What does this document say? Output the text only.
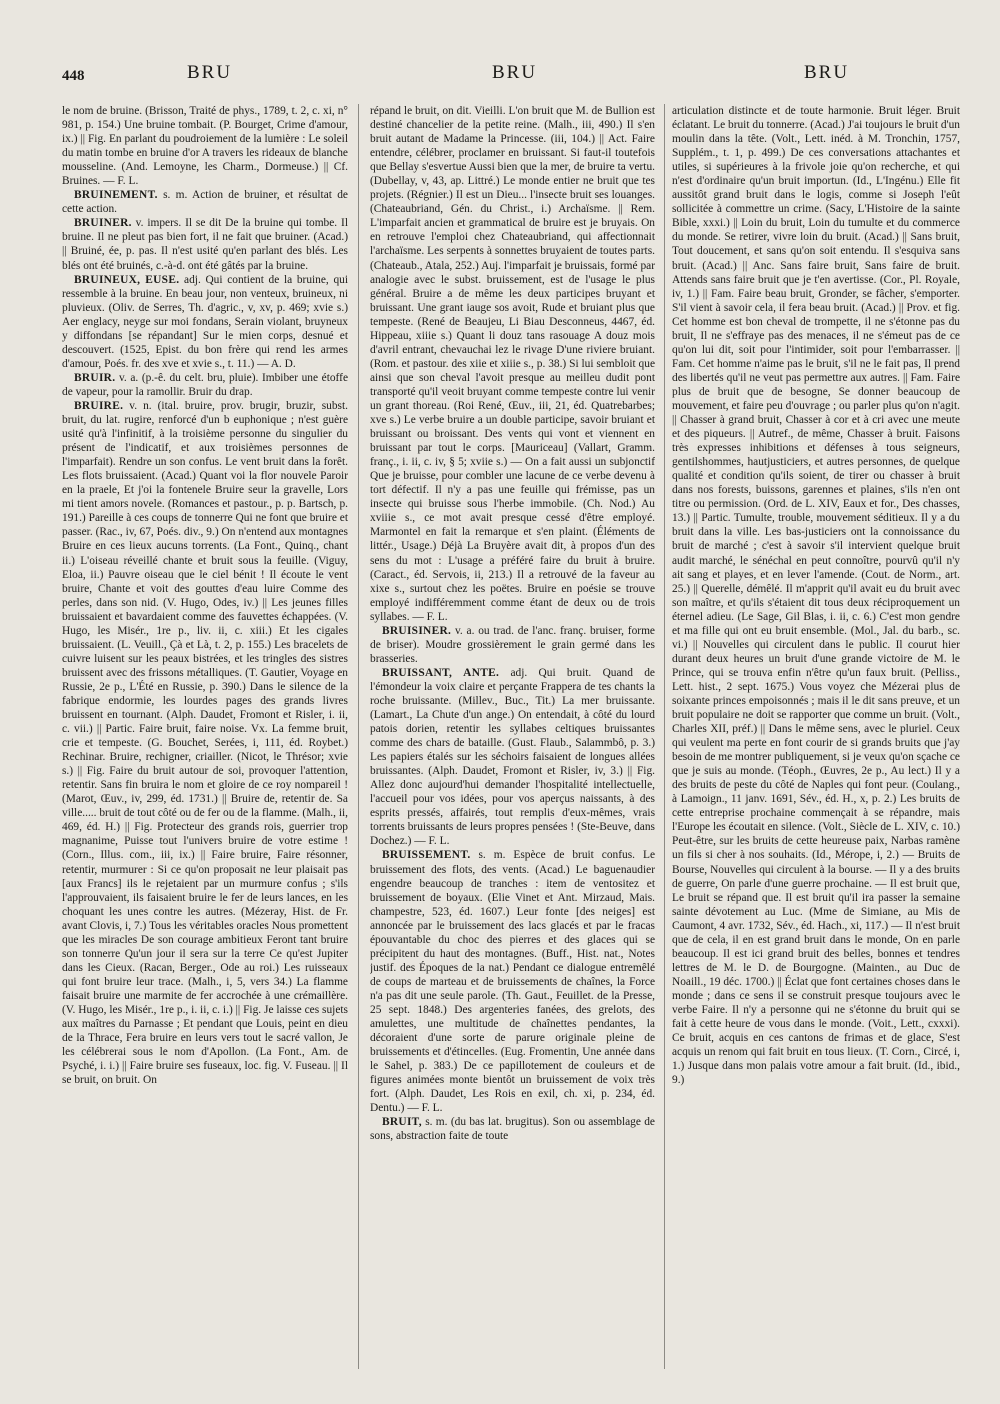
448	BRU	BRU	BRU

le nom de bruine. (Brisson, Traité de phys., 1789, t. 2, c. xi, n° 981, p. 154.) Une bruine tombait. (P. Bourget, Crime d'amour, ix.) || Fig. En parlant du poudroiement de la lumière : Le soleil du matin tombe en bruine d'or A travers les rideaux de blanche mousseline. (And. Lemoyne, les Charm., Dormeuse.) || Cf. Bruines. — F. L.

BRUINEMENT. s. m. Action de bruiner, et résultat de cette action.

BRUINER. v. impers. Il se dit De la bruine qui tombe. Il bruine. Il ne pleut pas bien fort, il ne fait que bruiner. (Acad.) || Bruiné, ée, p. pas. Il n'est usité qu'en parlant des blés. Les blés ont été bruinés, c.-à-d. ont été gâtés par la bruine.

BRUINEUX, EUSE. adj. Qui contient de la bruine, qui ressemble à la bruine. En beau jour, non venteux, bruineux, ni pluvieux. (Oliv. de Serres, Th. d'agric., v, xv, p. 469; xvie s.) Aer englacy, neyge sur moi fondans, Serain violant, bruyneux y diffondans [se répandant] Sur le mien corps, desnué et descouvert. (1525, Epist. du bon frère qui rend les armes d'amour, Poés. fr. des xve et xvie s., t. 11.) — A. D.

BRUIR. v. a. (p.-ê. du celt. bru, pluie). Imbiber une étoffe de vapeur, pour la ramollir. Bruir du drap.

BRUIRE. v. n. (ital. bruire, prov. brugir, bruzir, subst. bruit, du lat. rugire, renforcé d'un b euphonique ; n'est guère usité qu'à l'infinitif, à la troisième personne du singulier du présent de l'indicatif, et aux troisièmes personnes de l'imparfait). Rendre un son confus. Le vent bruit dans la forêt. Les flots bruissaient. (Acad.) Quant voi la flor nouvele Paroir en la praele, Et j'oi la fontenele Bruire seur la gravelle, Lors mi tient amors novele. (Romances et pastour., p. p. Bartsch, p. 191.) Pareille à ces coups de tonnerre Qui ne font que bruire et passer. (Rac., iv, 67, Poés. div., 9.) On n'entend aux montagnes Bruire en ces lieux aucuns torrents. (La Font., Quinq., chant ii.) L'oiseau réveillé chante et bruit sous la feuille. (Viguy, Eloa, ii.) Pauvre oiseau que le ciel bénit ! Il écoute le vent bruire, Chante et voit des gouttes d'eau luire Comme des perles, dans son nid. (V. Hugo, Odes, iv.) || Les jeunes filles bruissaient et bavardaient comme des fauvettes échappées. (V. Hugo, les Misér., 1re p., liv. ii, c. xiii.) Et les cigales bruissaient. (L. Veuill., Çà et Là, t. 2, p. 155.) Les bracelets de cuivre luisent sur les peaux bistrées, et les tringles des sistres bruissent avec des frissons métalliques. (T. Gautier, Voyage en Russie, 2e p., L'Été en Russie, p. 390.) Dans le silence de la fabrique endormie, les lourdes pages des grands livres bruissent en tournant. (Alph. Daudet, Fromont et Risler, i. ii, c. vii.) || Partic. Faire bruit, faire noise. Vx. La femme bruit, crie et tempeste. (G. Bouchet, Serées, i, 111, éd. Roybet.) Rechinar. Bruire, rechigner, criailler. (Nicot, le Thrésor; xvie s.) || Fig. Faire du bruit autour de soi, provoquer l'attention, retentir. Sans fin bruira le nom et gloire de ce roy nompareil ! (Marot, Œuv., iv, 299, éd. 1731.) || Bruire de, retentir de. Sa ville..... bruit de tout côté ou de fer ou de la flamme. (Malh., ii, 469, éd. H.) || Fig. Protecteur des grands rois, guerrier trop magnanime, Puisse tout l'univers bruire de votre estime ! (Corn., Illus. com., iii, ix.) || Faire bruire, Faire résonner, retentir, murmurer : Si ce qu'on proposait ne leur plaisait pas [aux Francs] ils le rejetaient par un murmure confus ; s'ils l'approuvaient, ils faisaient bruire le fer de leurs lances, en les choquant les unes contre les autres. (Mézeray, Hist. de Fr. avant Clovis, i, 7.) Tous les véritables oracles Nous promettent que les miracles De son courage ambitieux Feront tant bruire son tonnerre Qu'un jour il sera sur la terre Ce qu'est Jupiter dans les Cieux. (Racan, Berger., Ode au roi.) Les ruisseaux qui font bruire leur trace. (Malh., i, 5, vers 34.) La flamme faisait bruire une marmite de fer accrochée à une crémaillère. (V. Hugo, les Misér., 1re p., i. ii, c. i.) || Fig. Je laisse ces sujets aux maîtres du Parnasse ; Et pendant que Louis, peint en dieu de la Thrace, Fera bruire en leurs vers tout le sacré vallon, Je les célébrerai sous le nom d'Apollon. (La Font., Am. de Psyché, i. i.) || Faire bruire ses fuseaux, loc. fig. V. Fuseau. || Il se bruit, on bruit. On

répand le bruit, on dit. Vieilli. L'on bruit que M. de Bullion est destiné chancelier de la petite reine. (Malh., iii, 490.) Il s'en bruit autant de Madame la Princesse. (iii, 104.) || Act. Faire entendre, célébrer, proclamer en bruissant. Si faut-il toutefois que Bellay s'esvertue Aussi bien que la mer, de bruire ta vertu. (Dubellay, v, 43, ap. Littré.) Le monde entier ne bruit que tes projets. (Régnier.) Il est un Dieu... l'insecte bruit ses louanges. (Chateaubriand, Gén. du Christ., i.) Archaïsme. || Rem. L'imparfait ancien et grammatical de bruire est je bruyais. On en retrouve l'emploi chez Chateaubriand, qui affectionnait l'archaïsme. Les serpents à sonnettes bruyaient de toutes parts. (Chateaub., Atala, 252.) Auj. l'imparfait je bruissais, formé par analogie avec le subst. bruissement, est de l'usage le plus général. Bruire a de même les deux participes bruyant et bruissant. Une grant iauge sos avoit, Rude et bruiant plus que tempeste. (René de Beaujeu, Li Biau Desconneus, 4467, éd. Hippeau, xiiie s.) Quant li douz tans rasouage A douz mois d'avril entrant, chevauchai lez le rivage D'une riviere bruiant. (Rom. et pastour. des xiie et xiiie s., p. 38.) Si lui sembloit que ainsi que son cheval l'avoit presque au meilleu dudit pont transporté qu'il veoit bruyant comme tempeste contre lui venir un grant thoreau. (Roi René, Œuv., iii, 21, éd. Quatrebarbes; xve s.) Le verbe bruire a un double participe, savoir bruiant et bruissant ou broissant. Des vents qui vont et viennent en bruissant par tout le corps. [Mauriceau] (Vallart, Gramm. franç., i. ii, c. iv, § 5; xviie s.) — On a fait aussi un subjonctif Que je bruisse, pour combler une lacune de ce verbe devenu à tort défectif. Il n'y a pas une feuille qui frémisse, pas un insecte qui bruisse sous l'herbe immobile. (Ch. Nod.) Au xviiie s., ce mot avait presque cessé d'être employé. Marmontel en fait la remarque et s'en plaint. (Éléments de littér., Usage.) Déjà La Bruyère avait dit, à propos d'un des sens du mot : L'usage a préféré faire du bruit à bruire. (Caract., éd. Servois, ii, 213.) Il a retrouvé de la faveur au xixe s., surtout chez les poëtes. Bruire en poésie se trouve employé indifféremment comme étant de deux ou de trois syllabes. — F. L.

BRUISINER. v. a. ou trad. de l'anc. franç. bruiser, forme de briser). Moudre grossièrement le grain germé dans les brasseries.

BRUISSANT, ANTE. adj. Qui bruit. Quand de l'émondeur la voix claire et perçante Frappera de tes chants la roche bruissante. (Millev., Buc., Tit.) La mer bruissante. (Lamart., La Chute d'un ange.) On entendait, à côté du lourd patois dorien, retentir les syllabes celtiques bruissantes comme des chars de bataille. (Gust. Flaub., Salammbô, p. 3.) Les papiers étalés sur les séchoirs faisaient de longues allées bruissantes. (Alph. Daudet, Fromont et Risler, iv, 3.) || Fig. Allez donc aujourd'hui demander l'hospitalité intellectuelle, l'accueil pour vos idées, pour vos aperçus naissants, à des esprits pressés, affairés, tout remplis d'eux-mêmes, vrais torrents bruissants de leurs propres pensées ! (Ste-Beuve, dans Dochez.) — F. L.

BRUISSEMENT. s. m. Espèce de bruit confus. Le bruissement des flots, des vents. (Acad.) Le baguenaudier engendre beaucoup de tranches : item de ventositez et bruissement de boyaux. (Elie Vinet et Ant. Mirzaud, Mais. champestre, 523, éd. 1607.) Leur fonte [des neiges] est annoncée par le bruissement des lacs glacés et par le fracas épouvantable du choc des pierres et des glaces qui se précipitent du haut des montagnes. (Buff., Hist. nat., Notes justif. des Époques de la nat.) Pendant ce dialogue entremêlé de coups de marteau et de bruissements de chaînes, la Force n'a pas dit une seule parole. (Th. Gaut., Feuillet. de la Presse, 25 sept. 1848.) Des argenteries fanées, des grelots, des amulettes, une multitude de chaînettes pendantes, la décoraient d'une sorte de parure originale pleine de bruissements et d'étincelles. (Eug. Fromentin, Une année dans le Sahel, p. 383.) De ce papillotement de couleurs et de figures animées monte bientôt un bruissement de voix très fort. (Alph. Daudet, Les Rois en exil, ch. xi, p. 234, éd. Dentu.) — F. L.

BRUIT, s. m. (du bas lat. brugitus). Son ou assemblage de sons, abstraction faite de toute

articulation distincte et de toute harmonie. Bruit léger. Bruit éclatant. Le bruit du tonnerre. (Acad.) J'ai toujours le bruit d'un moulin dans la tête. (Volt., Lett. inéd. à M. Tronchin, 1757, Supplém., t. 1, p. 499.) De ces conversations attachantes et utiles, si supérieures à la frivole joie qu'on recherche, et qui n'est d'ordinaire qu'un bruit importun. (Id., L'Ingénu.) Elle fit aussitôt grand bruit dans le logis, comme si Joseph l'eût sollicitée à commettre un crime. (Sacy, L'Histoire de la sainte Bible, xxxi.) || Loin du bruit, Loin du tumulte et du commerce du monde. Se retirer, vivre loin du bruit. (Acad.) || Sans bruit, Tout doucement, et sans qu'on soit entendu. Il s'esquiva sans bruit. (Acad.) || Anc. Sans faire bruit, Sans faire de bruit. Attends sans faire bruit que je t'en avertisse. (Cor., Pl. Royale, iv, 1.) || Fam. Faire beau bruit, Gronder, se fâcher, s'emporter. S'il vient à savoir cela, il fera beau bruit. (Acad.) || Prov. et fig. Cet homme est bon cheval de trompette, il ne s'étonne pas du bruit, Il ne s'effraye pas des menaces, il ne s'émeut pas de ce qu'on lui dit, soit pour l'intimider, soit pour l'embarrasser. || Fam. Cet homme n'aime pas le bruit, s'il ne le fait pas, Il prend des libertés qu'il ne veut pas permettre aux autres. || Fam. Faire plus de bruit que de besogne, Se donner beaucoup de mouvement, et faire peu d'ouvrage ; ou parler plus qu'on n'agit. || Chasser à grand bruit, Chasser à cor et à cri avec une meute et des piqueurs. || Autref., de même, Chasser à bruit. Faisons très expresses inhibitions et défenses à tous seigneurs, gentilshommes, hautjusticiers, et autres personnes, de quelque qualité et condition qu'ils soient, de tirer ou chasser à bruit dans nos forests, buissons, garennes et plaines, s'ils n'en ont titre ou permission. (Ord. de L. XIV, Eaux et for., Des chasses, 13.) || Partic. Tumulte, trouble, mouvement séditieux. Il y a du bruit dans la ville. Les bas-justiciers ont la connoissance du bruit de marché ; c'est à savoir s'il intervient quelque bruit audit marché, le sénéchal en peut connoître, pourvû qu'il n'y ait sang et playes, et en lever l'amende. (Cout. de Norm., art. 25.) || Querelle, démêlé. Il m'apprit qu'il avait eu du bruit avec son maître, et qu'ils s'étaient dit tous deux réciproquement un éternel adieu. (Le Sage, Gil Blas, i. ii, c. 6.) C'est mon gendre et ma fille qui ont eu bruit ensemble. (Mol., Jal. du barb., sc. vi.) || Nouvelles qui circulent dans le public. Il courut hier durant deux heures un bruit d'une grande victoire de M. le Prince, qui se trouva enfin n'être qu'un faux bruit. (Pelliss., Lett. hist., 2 sept. 1675.) Vous voyez che Mézerai plus de soixante princes empoisonnés ; mais il le dit sans preuve, et un bruit populaire ne doit se rapporter que comme un bruit. (Volt., Charles XII, préf.) || Dans le même sens, avec le pluriel. Ceux qui veulent ma perte en font courir de si grands bruits que j'ay besoin de me montrer publiquement, si je veux qu'on sçache ce que je suis au monde. (Téoph., Œuvres, 2e p., Au lect.) Il y a des bruits de peste du côté de Naples qui font peur. (Coulang., à Lamoign., 11 janv. 1691, Sév., éd. H., x, p. 2.) Les bruits de cette entreprise prochaine commençait à se répandre, mais l'Europe les écoutait en silence. (Volt., Siècle de L. XIV, c. 10.) Peut-être, sur les bruits de cette heureuse paix, Narbas ramène un fils si cher à nos souhaits. (Id., Mérope, i, 2.) — Bruits de Bourse, Nouvelles qui circulent à la bourse. — Il y a des bruits de guerre, On parle d'une guerre prochaine. — Il est bruit que, Le bruit se répand que. Il est bruit qu'il ira passer la semaine sainte dévotement au Luc. (Mme de Simiane, au Mis de Caumont, 4 avr. 1732, Sév., éd. Hach., xi, 117.) — Il n'est bruit que de cela, il en est grand bruit dans le monde, On en parle beaucoup. Il est ici grand bruit des belles, bonnes et tendres lettres de M. le D. de Bourgogne. (Mainten., au Duc de Noaill., 19 déc. 1700.) || Éclat que font certaines choses dans le monde ; dans ce sens il se construit presque toujours avec le verbe Faire. Il n'y a personne qui ne s'étonne du bruit qui se fait à cette heure de vous dans le monde. (Voit., Lett., cxxxi). Ce bruit, acquis en ces cantons de frimas et de glace, S'est acquis un renom qui fait bruit en tous lieux. (T. Corn., Circé, i, 1.) Jusque dans mon palais votre amour a fait bruit. (Id., ibid., 9.)
